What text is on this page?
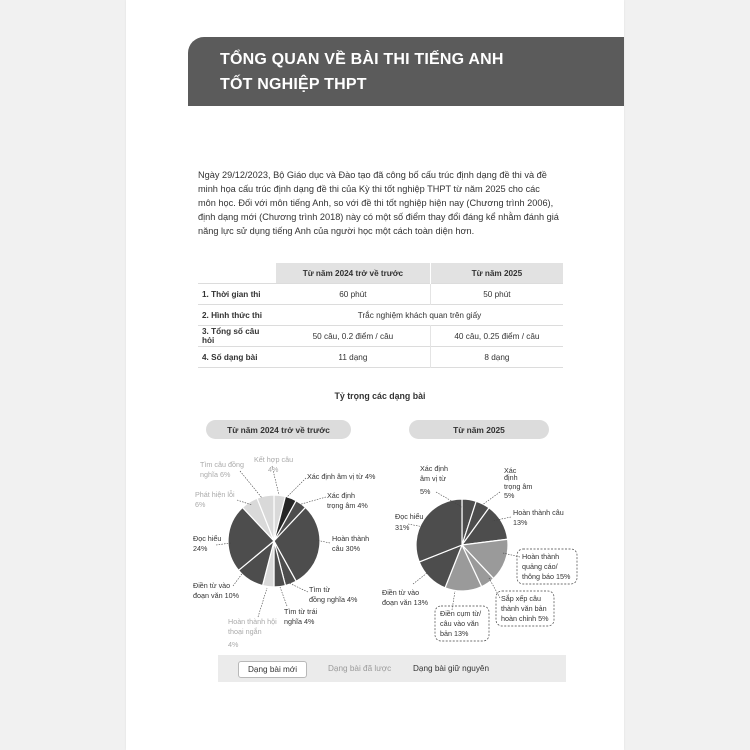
TỔNG QUAN VỀ BÀI THI TIẾNG ANH
TỐT NGHIỆP THPT

Ngày 29/12/2023, Bộ Giáo dục và Đào tạo đã công bố cấu trúc định dạng đề thi và đề
minh họa cấu trúc định dạng đề thi của Kỳ thi tốt nghiệp THPT từ năm 2025 cho các
môn học. Đối với môn tiếng Anh, so với đề thi tốt nghiệp hiện nay (Chương trình 2006),
định dạng mới (Chương trình 2018) này có một số điểm thay đổi đáng kể nhằm đánh giá
năng lực sử dụng tiếng Anh của người học một cách toàn diện hơn.

	Từ năm 2024 trở về trước	Từ năm 2025
1. Thời gian thi	60 phút	50 phút
2. Hình thức thi	Trắc nghiệm khách quan trên giấy	
3. Tổng số câu hỏi	50 câu, 0.2 điểm / câu	40 câu, 0.25 điểm / câu
4. Số dạng bài	11 dạng	8 dạng

Tỷ trọng các dạng bài

Từ năm 2024 trở về trước	Từ năm 2025
Kết hợp câu
4%
Xác định âm vị từ 4%
Xác định
trọng âm 4%
Hoàn thành
câu 30%
Tìm từ
đồng nghĩa 4%
Tìm từ trái
nghĩa 4%
Hoàn thành hội
thoại ngắn
4%
Điền từ vào
đoạn văn 10%
Đọc hiểu
24%
Phát hiện lỗi
6%
Tìm câu đồng
nghĩa 6%
Xác định
âm vị từ
5%
Xác
định
trọng âm
5%
Hoàn thành câu
13%
Hoàn thành
quảng cáo/
thông báo 15%
Sắp xếp câu
thành văn bản
hoàn chỉnh 5%
Điền cụm từ/
câu vào văn
bản 13%
Điền từ vào
đoạn văn 13%
Đọc hiểu
31%
Dạng bài mới	Dạng bài đã lược	Dạng bài giữ nguyên
